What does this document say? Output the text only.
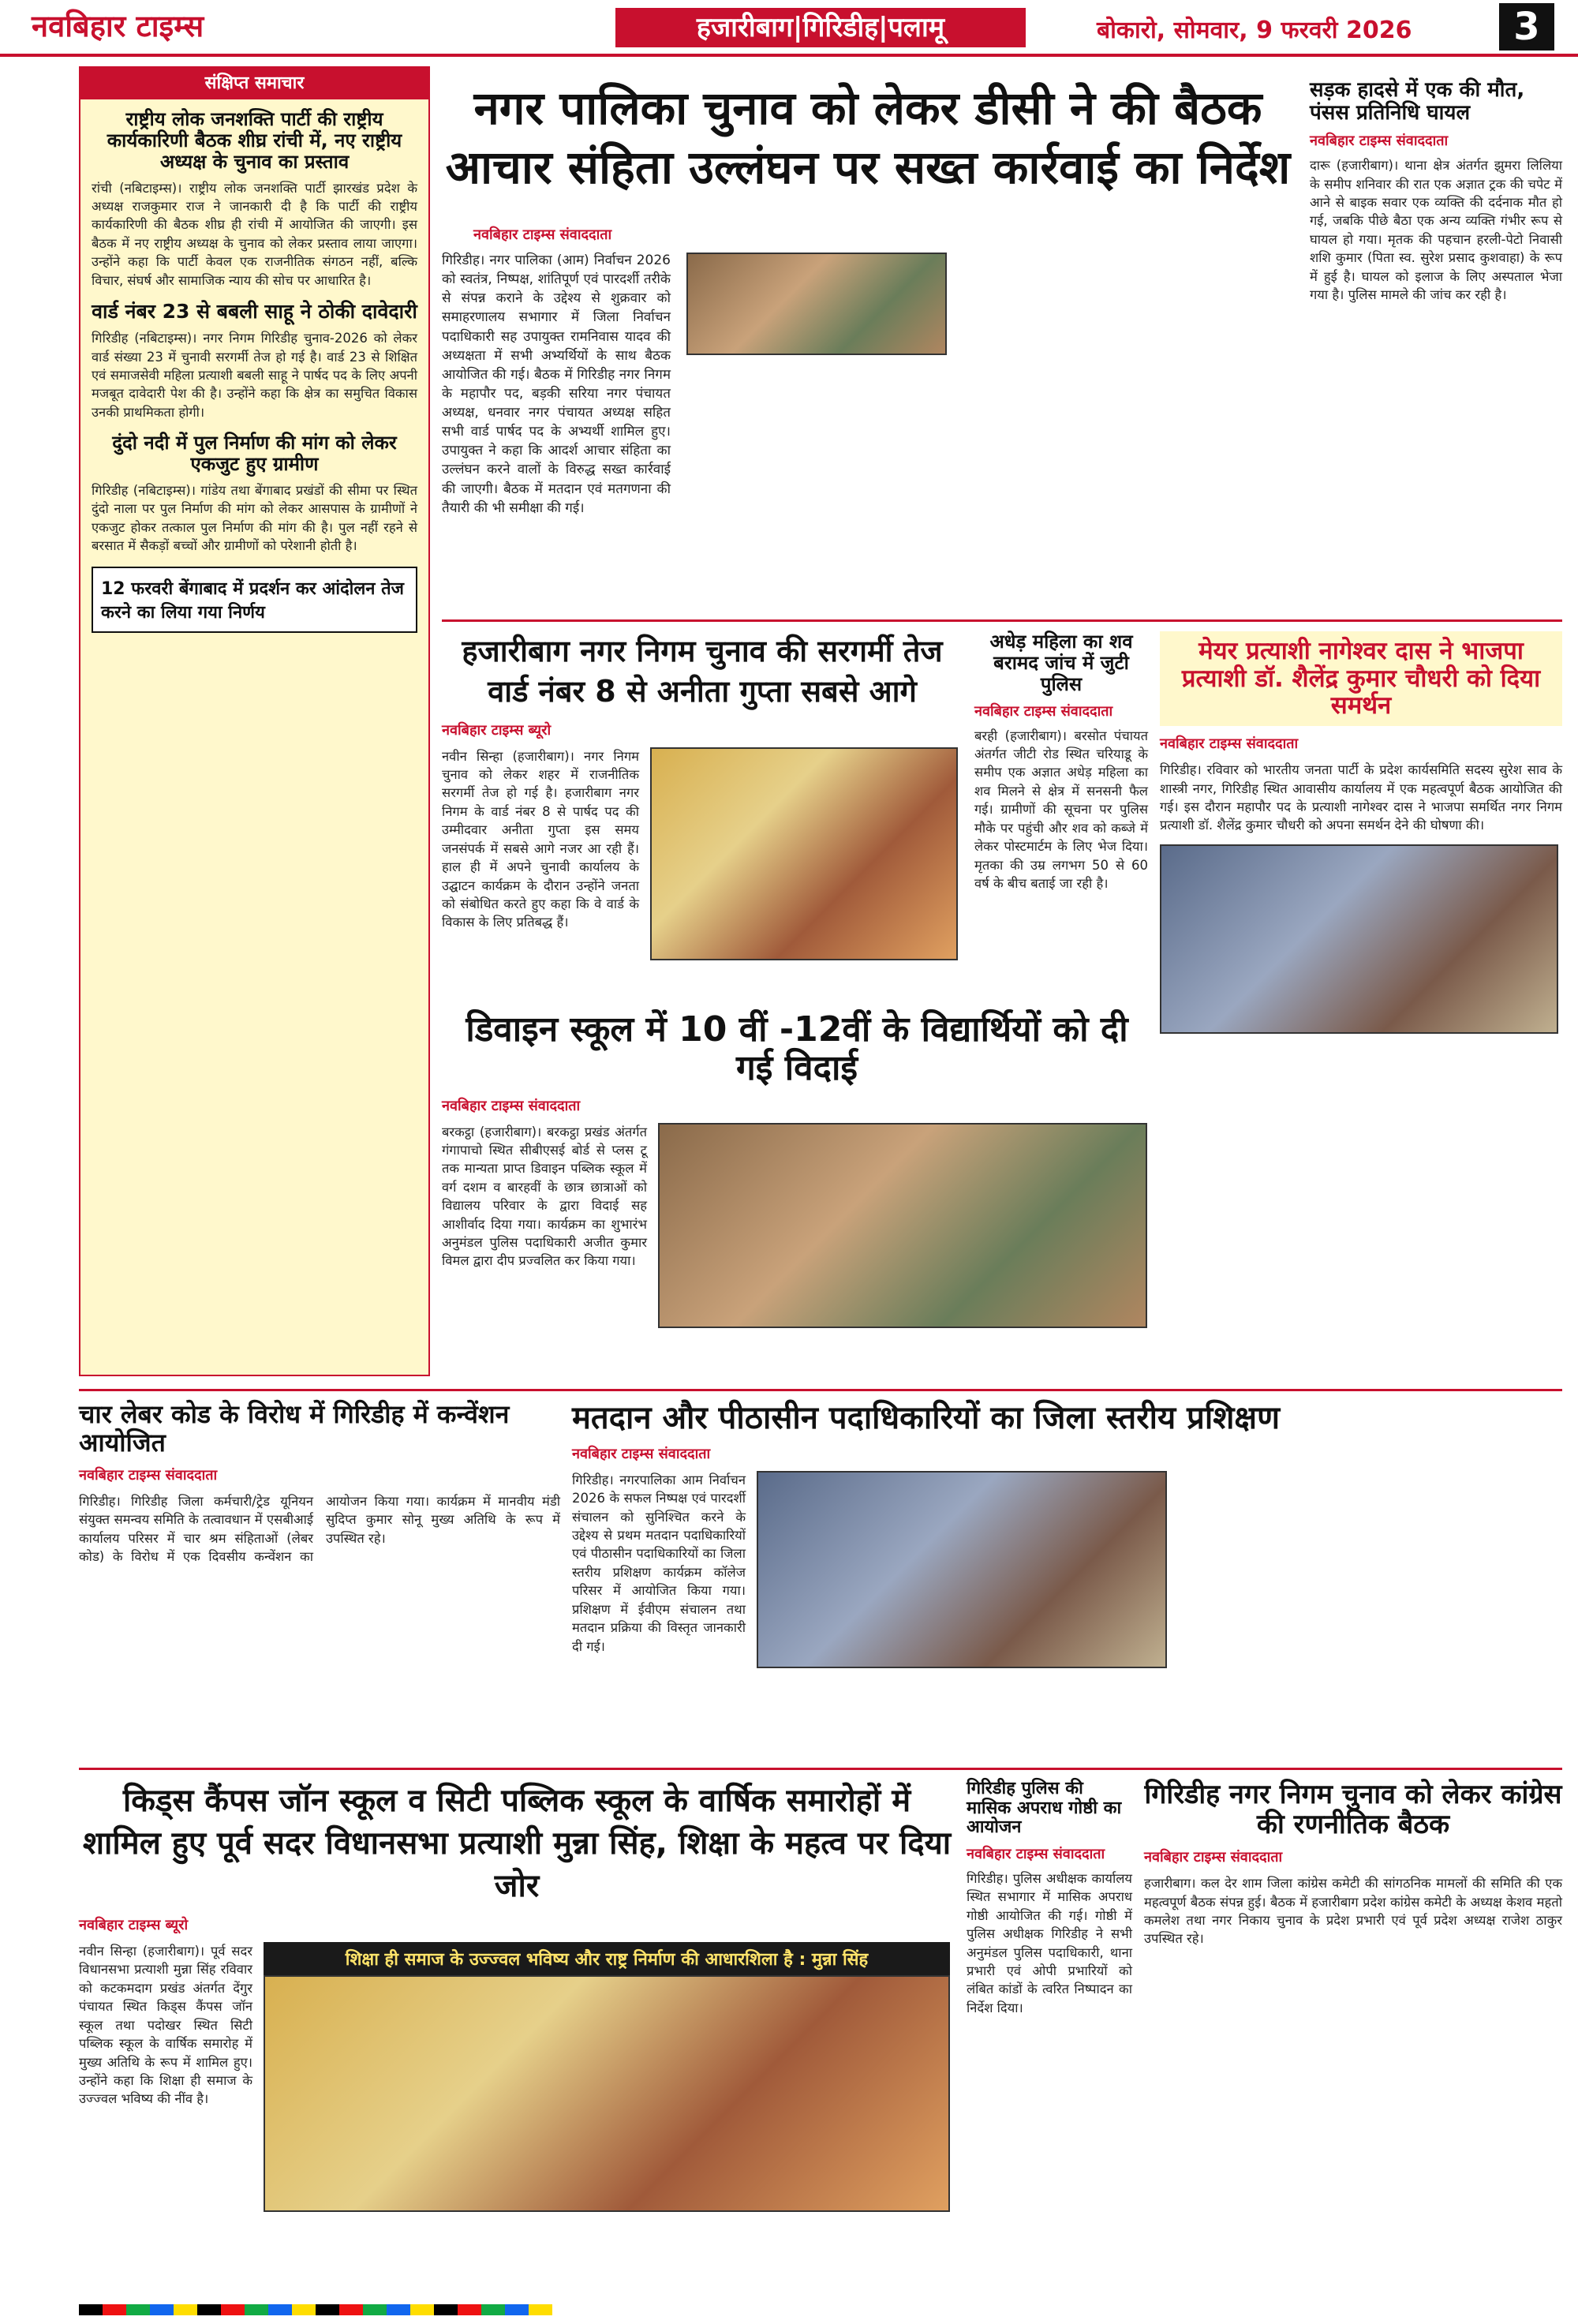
नवबिहार टाइम्स	हजारीबाग|गिरिडीह|पलामू	बोकारो, सोमवार, 9 फरवरी 2026	3
संक्षिप्त समाचार
राष्ट्रीय लोक जनशक्ति पार्टी की राष्ट्रीय कार्यकारिणी बैठक शीघ्र रांची में, नए राष्ट्रीय अध्यक्ष के चुनाव का प्रस्ताव
रांची (नबिटाइम्स)। राष्ट्रीय लोक जनशक्ति पार्टी झारखंड प्रदेश के अध्यक्ष राजकुमार राज ने जानकारी दी है कि पार्टी की राष्ट्रीय कार्यकारिणी की बैठक शीघ्र ही रांची में आयोजित की जाएगी। इस बैठक में नए राष्ट्रीय अध्यक्ष के चुनाव को लेकर प्रस्ताव लाया जाएगा। उन्होंने कहा कि पार्टी केवल एक राजनीतिक संगठन नहीं, बल्कि विचार, संघर्ष और सामाजिक न्याय की सोच पर आधारित है।
वार्ड नंबर 23 से बबली साहू ने ठोकी दावेदारी
गिरिडीह (नबिटाइम्स)। नगर निगम गिरिडीह चुनाव-2026 को लेकर वार्ड संख्या 23 में चुनावी सरगर्मी तेज हो गई है। वार्ड 23 से शिक्षित एवं समाजसेवी महिला प्रत्याशी बबली साहू ने पार्षद पद के लिए अपनी मजबूत दावेदारी पेश की है। उन्होंने कहा कि क्षेत्र का समुचित विकास उनकी प्राथमिकता होगी।
दुंदो नदी में पुल निर्माण की मांग को लेकर एकजुट हुए ग्रामीण
गिरिडीह (नबिटाइम्स)। गांडेय तथा बेंगाबाद प्रखंडों की सीमा पर स्थित दुंदो नाला पर पुल निर्माण की मांग को लेकर आसपास के ग्रामीणों ने एकजुट होकर तत्काल पुल निर्माण की मांग की है। पुल नहीं रहने से बरसात में सैकड़ों बच्चों और ग्रामीणों को परेशानी होती है।
12 फरवरी बेंगाबाद में प्रदर्शन कर आंदोलन तेज करने का लिया गया निर्णय
नगर पालिका चुनाव को लेकर डीसी ने की बैठक आचार संहिता उल्लंघन पर सख्त कार्रवाई का निर्देश
नवबिहार टाइम्स संवाददाता
गिरिडीह। नगर पालिका (आम) निर्वाचन 2026 को स्वतंत्र, निष्पक्ष, शांतिपूर्ण एवं पारदर्शी तरीके से संपन्न कराने के उद्देश्य से शुक्रवार को समाहरणालय सभागार में जिला निर्वाचन पदाधिकारी सह उपायुक्त रामनिवास यादव की अध्यक्षता में सभी अभ्यर्थियों के साथ बैठक आयोजित की गई। बैठक में गिरिडीह नगर निगम के महापौर पद, बड़की सरिया नगर पंचायत अध्यक्ष, धनवार नगर पंचायत अध्यक्ष सहित सभी वार्ड पार्षद पद के अभ्यर्थी शामिल हुए। उपायुक्त ने कहा कि आदर्श आचार संहिता का उल्लंघन करने वालों के विरुद्ध सख्त कार्रवाई की जाएगी। बैठक में मतदान एवं मतगणना की तैयारी की भी समीक्षा की गई।
सड़क हादसे में एक की मौत, पंसस प्रतिनिधि घायल
नवबिहार टाइम्स संवाददाता
दारू (हजारीबाग)। थाना क्षेत्र अंतर्गत झुमरा लिलिया के समीप शनिवार की रात एक अज्ञात ट्रक की चपेट में आने से बाइक सवार एक व्यक्ति की दर्दनाक मौत हो गई, जबकि पीछे बैठा एक अन्य व्यक्ति गंभीर रूप से घायल हो गया। मृतक की पहचान हरली-पेटो निवासी शशि कुमार (पिता स्व. सुरेश प्रसाद कुशवाहा) के रूप में हुई है। घायल को इलाज के लिए अस्पताल भेजा गया है। पुलिस मामले की जांच कर रही है।
हजारीबाग नगर निगम चुनाव की सरगर्मी तेज वार्ड नंबर 8 से अनीता गुप्ता सबसे आगे
नवबिहार टाइम्स ब्यूरो
नवीन सिन्हा (हजारीबाग)। नगर निगम चुनाव को लेकर शहर में राजनीतिक सरगर्मी तेज हो गई है। हजारीबाग नगर निगम के वार्ड नंबर 8 से पार्षद पद की उम्मीदवार अनीता गुप्ता इस समय जनसंपर्क में सबसे आगे नजर आ रही हैं। हाल ही में अपने चुनावी कार्यालय के उद्घाटन कार्यक्रम के दौरान उन्होंने जनता को संबोधित करते हुए कहा कि वे वार्ड के विकास के लिए प्रतिबद्ध हैं।
अधेड़ महिला का शव बरामद जांच में जुटी पुलिस
नवबिहार टाइम्स संवाददाता
बरही (हजारीबाग)। बरसोत पंचायत अंतर्गत जीटी रोड स्थित चरियाडू के समीप एक अज्ञात अधेड़ महिला का शव मिलने से क्षेत्र में सनसनी फैल गई। ग्रामीणों की सूचना पर पुलिस मौके पर पहुंची और शव को कब्जे में लेकर पोस्टमार्टम के लिए भेज दिया। मृतका की उम्र लगभग 50 से 60 वर्ष के बीच बताई जा रही है।
मेयर प्रत्याशी नागेश्वर दास ने भाजपा प्रत्याशी डॉ. शैलेंद्र कुमार चौधरी को दिया समर्थन
नवबिहार टाइम्स संवाददाता
गिरिडीह। रविवार को भारतीय जनता पार्टी के प्रदेश कार्यसमिति सदस्य सुरेश साव के शास्त्री नगर, गिरिडीह स्थित आवासीय कार्यालय में एक महत्वपूर्ण बैठक आयोजित की गई। इस दौरान महापौर पद के प्रत्याशी नागेश्वर दास ने भाजपा समर्थित नगर निगम प्रत्याशी डॉ. शैलेंद्र कुमार चौधरी को अपना समर्थन देने की घोषणा की।
डिवाइन स्कूल में 10 वीं -12वीं के विद्यार्थियों को दी गई विदाई
नवबिहार टाइम्स संवाददाता
बरकट्ठा (हजारीबाग)। बरकट्ठा प्रखंड अंतर्गत गंगापाचो स्थित सीबीएसई बोर्ड से प्लस टू तक मान्यता प्राप्त डिवाइन पब्लिक स्कूल में वर्ग दशम व बारहवीं के छात्र छात्राओं को विद्यालय परिवार के द्वारा विदाई सह आशीर्वाद दिया गया। कार्यक्रम का शुभारंभ अनुमंडल पुलिस पदाधिकारी अजीत कुमार विमल द्वारा दीप प्रज्वलित कर किया गया।
चार लेबर कोड के विरोध में गिरिडीह में कन्वेंशन आयोजित
नवबिहार टाइम्स संवाददाता
गिरिडीह। गिरिडीह जिला कर्मचारी/ट्रेड यूनियन संयुक्त समन्वय समिति के तत्वावधान में एसबीआई कार्यालय परिसर में चार श्रम संहिताओं (लेबर कोड) के विरोध में एक दिवसीय कन्वेंशन का आयोजन किया गया। कार्यक्रम में मानवीय मंडी सुदिप्त कुमार सोनू मुख्य अतिथि के रूप में उपस्थित रहे।
मतदान और पीठासीन पदाधिकारियों का जिला स्तरीय प्रशिक्षण
नवबिहार टाइम्स संवाददाता
गिरिडीह। नगरपालिका आम निर्वाचन 2026 के सफल निष्पक्ष एवं पारदर्शी संचालन को सुनिश्चित करने के उद्देश्य से प्रथम मतदान पदाधिकारियों एवं पीठासीन पदाधिकारियों का जिला स्तरीय प्रशिक्षण कार्यक्रम कॉलेज परिसर में आयोजित किया गया। प्रशिक्षण में ईवीएम संचालन तथा मतदान प्रक्रिया की विस्तृत जानकारी दी गई।
किड्स कैंपस जॉन स्कूल व सिटी पब्लिक स्कूल के वार्षिक समारोहों में शामिल हुए पूर्व सदर विधानसभा प्रत्याशी मुन्ना सिंह, शिक्षा के महत्व पर दिया जोर
नवबिहार टाइम्स ब्यूरो
नवीन सिन्हा (हजारीबाग)। पूर्व सदर विधानसभा प्रत्याशी मुन्ना सिंह रविवार को कटकमदाग प्रखंड अंतर्गत देंगुर पंचायत स्थित किड्स कैंपस जॉन स्कूल तथा पदोखर स्थित सिटी पब्लिक स्कूल के वार्षिक समारोह में मुख्य अतिथि के रूप में शामिल हुए। उन्होंने कहा कि शिक्षा ही समाज के उज्ज्वल भविष्य की नींव है।
शिक्षा ही समाज के उज्ज्वल भविष्य और राष्ट्र निर्माण की आधारशिला है : मुन्ना सिंह
गिरिडीह पुलिस की मासिक अपराध गोष्ठी का आयोजन
नवबिहार टाइम्स संवाददाता
गिरिडीह। पुलिस अधीक्षक कार्यालय स्थित सभागार में मासिक अपराध गोष्ठी आयोजित की गई। गोष्ठी में पुलिस अधीक्षक गिरिडीह ने सभी अनुमंडल पुलिस पदाधिकारी, थाना प्रभारी एवं ओपी प्रभारियों को लंबित कांडों के त्वरित निष्पादन का निर्देश दिया।
गिरिडीह नगर निगम चुनाव को लेकर कांग्रेस की रणनीतिक बैठक
नवबिहार टाइम्स संवाददाता
हजारीबाग। कल देर शाम जिला कांग्रेस कमेटी की सांगठनिक मामलों की समिति की एक महत्वपूर्ण बैठक संपन्न हुई। बैठक में हजारीबाग प्रदेश कांग्रेस कमेटी के अध्यक्ष केशव महतो कमलेश तथा नगर निकाय चुनाव के प्रदेश प्रभारी एवं पूर्व प्रदेश अध्यक्ष राजेश ठाकुर उपस्थित रहे।
